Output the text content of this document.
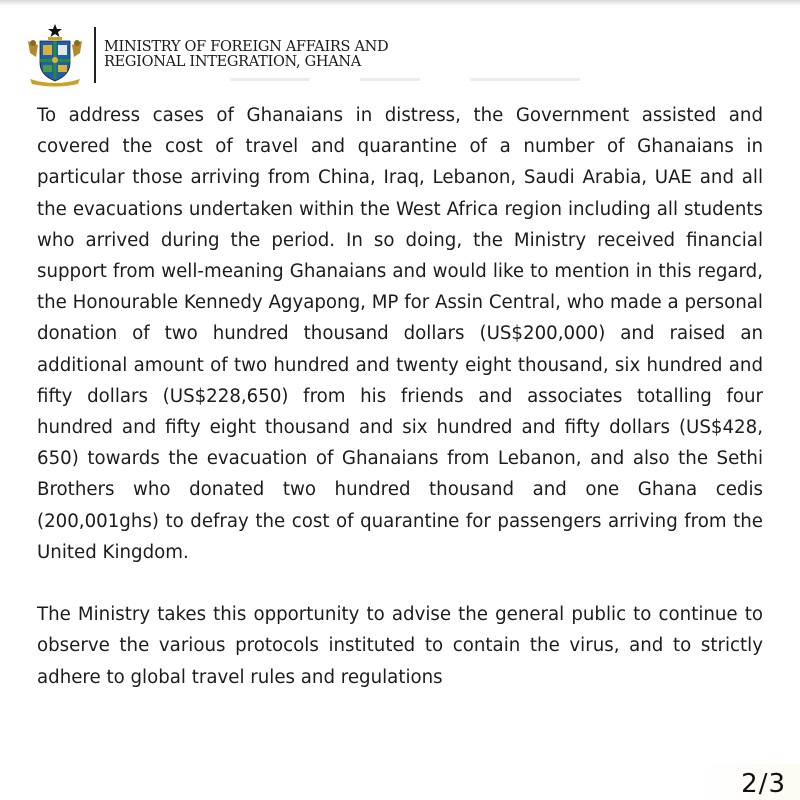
MINISTRY OF FOREIGN AFFAIRS AND
REGIONAL INTEGRATION, GHANA

To address cases of Ghanaians in distress, the Government assisted and covered the cost of travel and quarantine of a number of Ghanaians in particular those arriving from China, Iraq, Lebanon, Saudi Arabia, UAE and all the evacuations undertaken within the West Africa region including all students who arrived during the period. In so doing, the Ministry received financial support from well-meaning Ghanaians and would like to mention in this regard, the Honourable Kennedy Agyapong, MP for Assin Central, who made a personal donation of two hundred thousand dollars (US$200,000) and raised an additional amount of two hundred and twenty eight thousand, six hundred and fifty dollars (US$228,650) from his friends and associates totalling four hundred and fifty eight thousand and six hundred and fifty dollars (US$428, 650) towards the evacuation of Ghanaians from Lebanon, and also the Sethi Brothers who donated two hundred thousand and one Ghana cedis (200,001ghs) to defray the cost of quarantine for passengers arriving from the United Kingdom.

The Ministry takes this opportunity to advise the general public to continue to observe the various protocols instituted to contain the virus, and to strictly adhere to global travel rules and regulations

2/3
